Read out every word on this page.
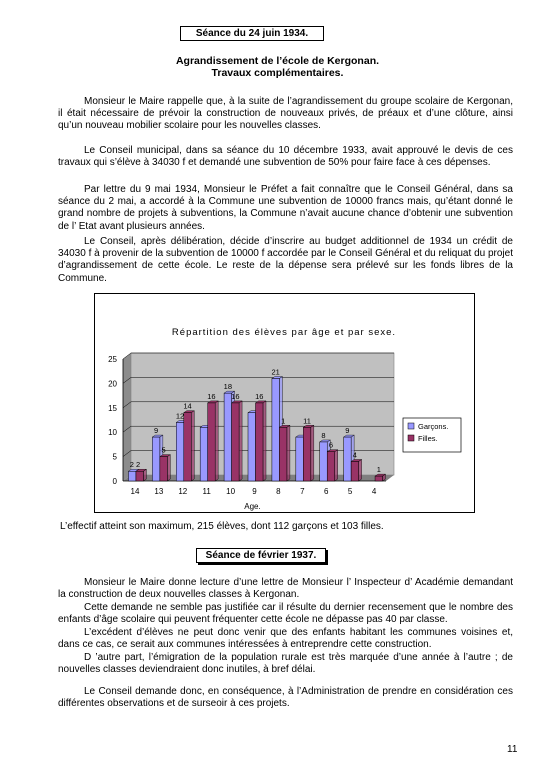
Séance du 24 juin 1934.
Agrandissement de l’école de Kergonan.
Travaux complémentaires.
Monsieur le Maire rappelle que, à la suite de l’agrandissement du groupe scolaire de Kergonan, il était nécessaire de prévoir la construction de nouveaux privés, de préaux et d’une clôture, ainsi qu’un nouveau mobilier scolaire pour les nouvelles classes.
Le Conseil municipal, dans sa séance du 10 décembre 1933, avait approuvé le devis de ces travaux qui s’élève à 34030 f et demandé une subvention de 50% pour faire face à ces dépenses.
Par lettre du 9 mai 1934, Monsieur le Préfet a fait connaître que le Conseil Général, dans sa séance du 2 mai, a accordé à la Commune une subvention de 10000 francs mais, qu’étant donné le grand nombre de projets à subventions, la Commune n’avait aucune chance d’obtenir une subvention de l’ Etat avant plusieurs années.
Le Conseil, après délibération, décide d’inscrire au budget additionnel de 1934 un crédit de 34030 f à provenir de la subvention de 10000 f accordée par le Conseil Général et du reliquat du projet d’agrandissement de cette école. Le reste de la dépense sera prélevé sur les fonds libres de la Commune.
Répartition des élèves par âge et par sexe.
0
5
10
15
20
25
14
2 2
13
9
5
12
12
14
11
16
10
18
16
9
16
8
21
1
7
11
6
8
6
5
9
4
4
1
Age.
Garçons.
Filles.
L’effectif atteint son maximum, 215 élèves, dont 112 garçons et 103 filles.
Séance de février 1937.
Monsieur le Maire donne lecture d’une lettre de Monsieur l’ Inspecteur d’ Académie demandant la construction de deux nouvelles classes à Kergonan.
Cette demande ne semble pas justifiée car il résulte du dernier recensement que le nombre des enfants d’âge scolaire qui peuvent fréquenter cette école ne dépasse pas 40 par classe.
L’excédent d’élèves ne peut donc venir que des enfants habitant les communes voisines et, dans ce cas, ce serait aux communes intéressées à entreprendre cette construction.
D ’autre part, l’émigration de la population rurale est très marquée d’une année à l’autre ; de nouvelles classes deviendraient donc inutiles, à bref délai.
Le Conseil demande donc, en conséquence, à l’Administration de prendre en considération ces différentes observations et de surseoir à ces projets.
11
